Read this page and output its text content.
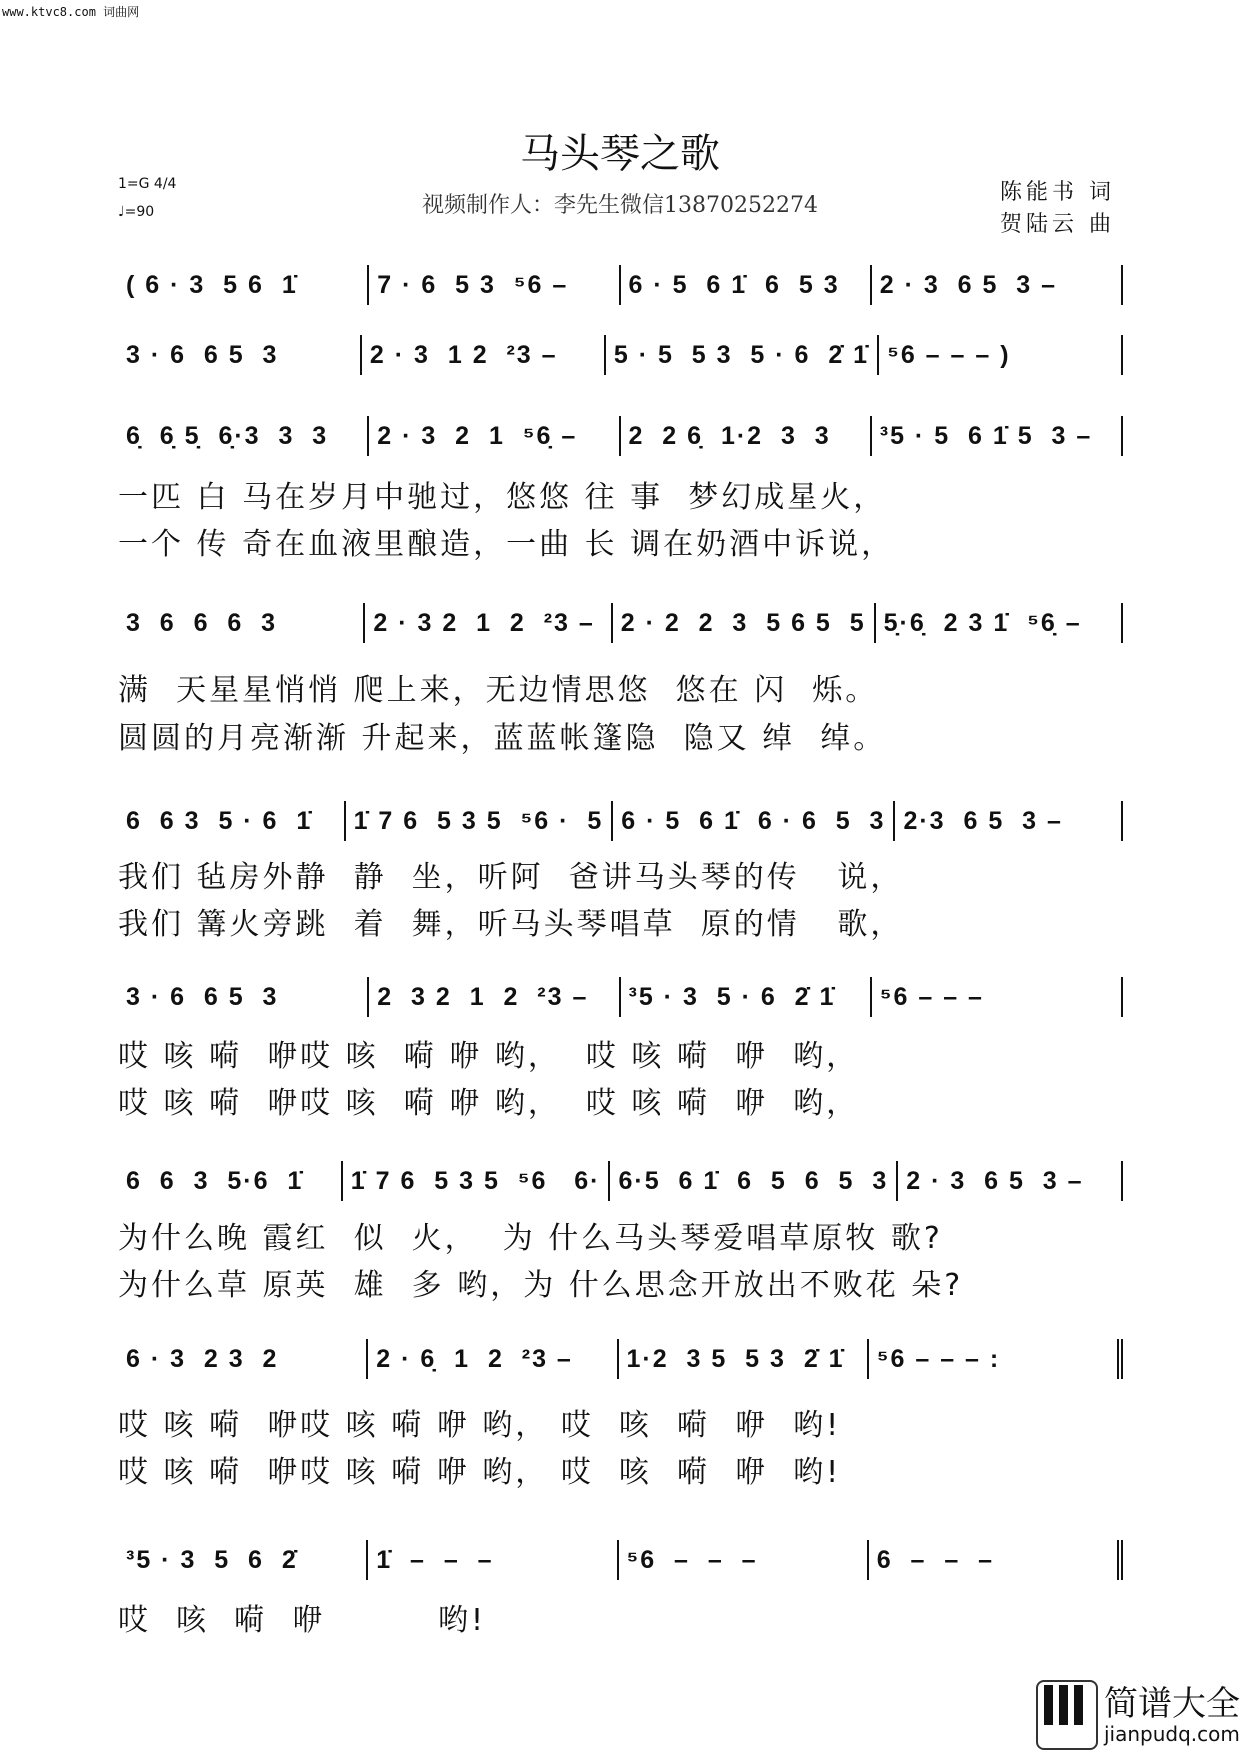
www.ktvc8.com 词曲网
马头琴之歌
1=G 4/4
♩=90	视频制作人：李先生微信13870252274
陈能书 词
贺陆云 曲
( 6 · 3  5 6  1̇	7 · 6  5 3  ⁵6 –	6 · 5  6 1̇  6  5 3	2 · 3  6 5  3 –
3 · 6  6 5  3	2 · 3  1 2  ²3 –	5 · 5  5 3  5 · 6  2̇ 1̇ ⁵6 – – – )
6̣  6̣ 5̣  6̣·3  3  3	2 · 3  2  1  ⁵6̣ –	2  2 6̣  1·2  3  3	³5 · 5  6 1̇ 5  3 –
3  6  6  6  3	2 · 3 2  1  2  ²3 –	2 · 2  2  3  5 6 5  5 5̣·6̣  2 3 1̇  ⁵6̣ –
6  6 3  5 · 6  1̇	1̇ 7 6  5 3 5  ⁵6 ·  5 6 · 5  6 1̇  6 · 6  5  3 2·3  6 5  3 –
3 · 6  6 5  3	2  3 2  1  2  ²3 –	³5 · 3  5 · 6  2̇ 1̇	⁵6 – – –
6  6  3  5·6  1̇	1̇ 7 6  5 3 5  ⁵6   6· 6·5  6 1̇  6  5  6  5  3 2 · 3  6 5  3 –
6 · 3  2 3  2	2 · 6̣  1  2  ²3 –	1·2  3 5  5 3  2̇ 1̇	⁵6 – – – :
³5 · 3  5  6  2̇	1̇  –  –  –	⁵6  –  –  –	6  –  –  –
一匹 白 马在岁月中驰过，悠悠 往 事  梦幻成星火，
一个 传 奇在血液里酿造，一曲 长 调在奶酒中诉说，
满  天星星悄悄 爬上来，无边情思悠  悠在 闪  烁。
圆圆的月亮渐渐 升起来，蓝蓝帐篷隐  隐又 绰  绰。
我们 毡房外静  静  坐，听阿  爸讲马头琴的传   说，
我们 篝火旁跳  着  舞，听马头琴唱草  原的情   歌，
哎 咳 嗬  咿哎 咳  嗬 咿 哟，  哎 咳 嗬  咿  哟，
哎 咳 嗬  咿哎 咳  嗬 咿 哟，  哎 咳 嗬  咿  哟，
为什么晚 霞红  似  火，  为 什么马头琴爱唱草原牧 歌?
为什么草 原英  雄  多 哟，为 什么思念开放出不败花 朵?
哎 咳 嗬  咿哎 咳 嗬 咿 哟， 哎  咳  嗬  咿  哟!
哎 咳 嗬  咿哎 咳 嗬 咿 哟， 哎  咳  嗬  咿  哟!
哎  咳  嗬  咿         哟!
简谱大全
jianpudq.com
